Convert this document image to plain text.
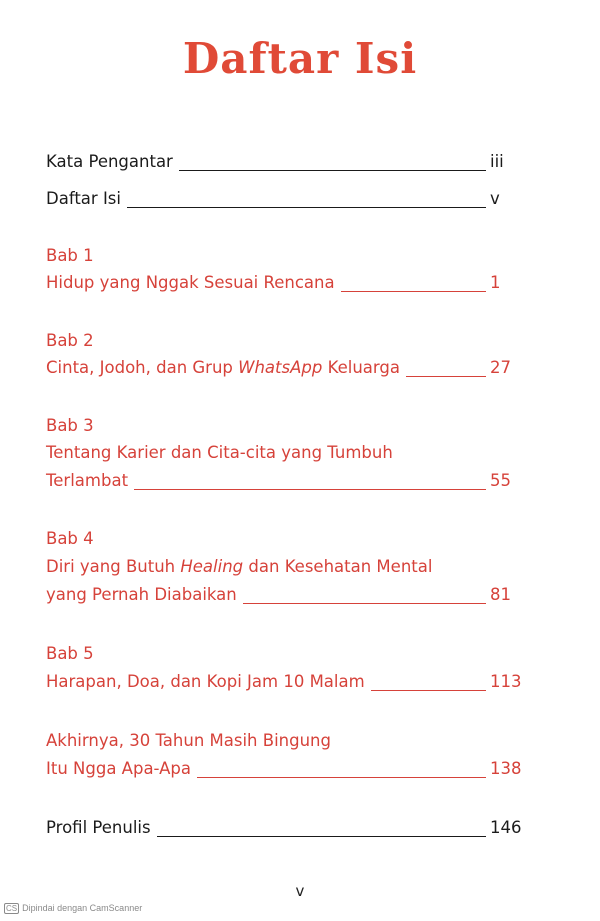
Daftar Isi
Kata Pengantar	iii
Daftar Isi	v
Bab 1
Hidup yang Nggak Sesuai Rencana	1
Bab 2
Cinta, Jodoh, dan Grup WhatsApp Keluarga	27
Bab 3
Tentang Karier dan Cita-cita yang Tumbuh
Terlambat	55
Bab 4
Diri yang Butuh Healing dan Kesehatan Mental
yang Pernah Diabaikan	81
Bab 5
Harapan, Doa, dan Kopi Jam 10 Malam	113
Akhirnya, 30 Tahun Masih Bingung
Itu Ngga Apa-Apa	138
Profil Penulis	146
v
CS Dipindai dengan CamScanner
